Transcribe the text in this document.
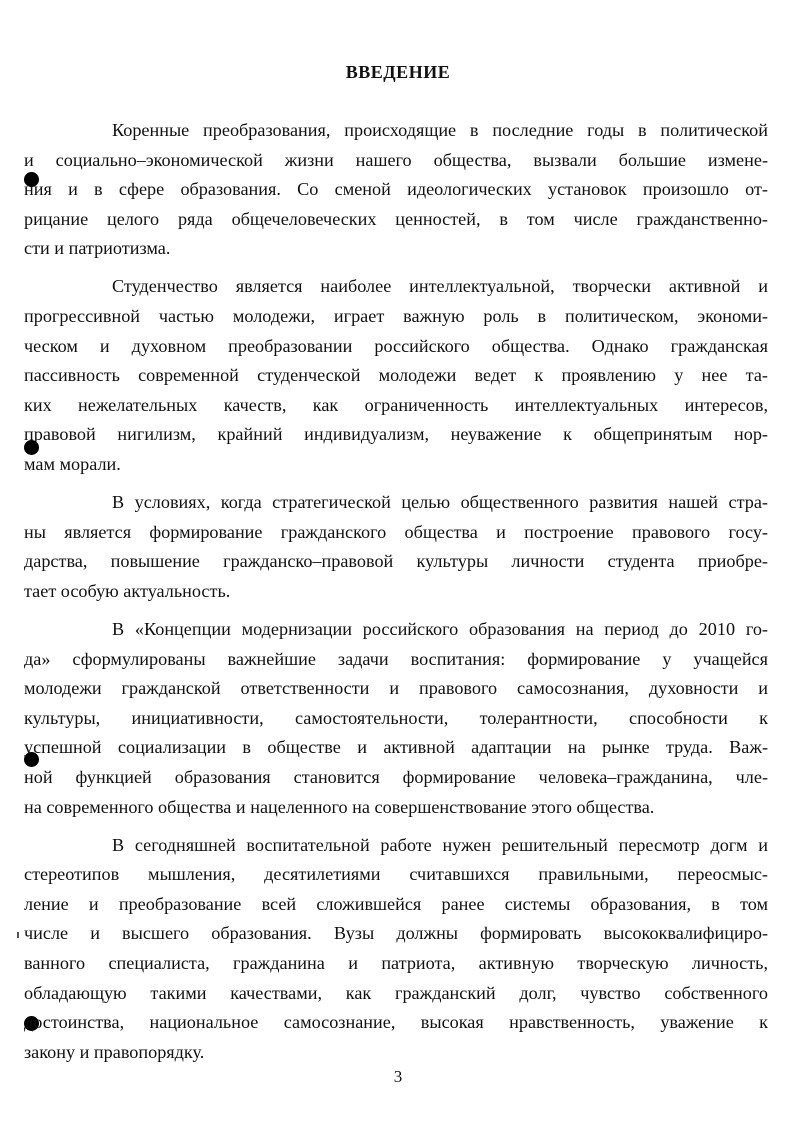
ВВЕДЕНИЕ

Коренные преобразования, происходящие в последние годы в политической
и социально–экономической жизни нашего общества, вызвали большие измене-
ния и в сфере образования. Со сменой идеологических установок произошло от-
рицание целого ряда общечеловеческих ценностей, в том числе гражданственно-
сти и патриотизма.

Студенчество является наиболее интеллектуальной, творчески активной и
прогрессивной частью молодежи, играет важную роль в политическом, экономи-
ческом и духовном преобразовании российского общества. Однако гражданская
пассивность современной студенческой молодежи ведет к проявлению у нее та-
ких нежелательных качеств, как ограниченность интеллектуальных интересов,
правовой нигилизм, крайний индивидуализм, неуважение к общепринятым нор-
мам морали.

В условиях, когда стратегической целью общественного развития нашей стра-
ны является формирование гражданского общества и построение правового госу-
дарства, повышение гражданско–правовой культуры личности студента приобре-
тает особую актуальность.

В «Концепции модернизации российского образования на период до 2010 го-
да» сформулированы важнейшие задачи воспитания: формирование у учащейся
молодежи гражданской ответственности и правового самосознания, духовности и
культуры, инициативности, самостоятельности, толерантности, способности к
успешной социализации в обществе и активной адаптации на рынке труда. Важ-
ной функцией образования становится формирование человека–гражданина, чле-
на современного общества и нацеленного на совершенствование этого общества.

В сегодняшней воспитательной работе нужен решительный пересмотр догм и
стереотипов мышления, десятилетиями считавшихся правильными, переосмыс-
ление и преобразование всей сложившейся ранее системы образования, в том
числе и высшего образования. Вузы должны формировать высококвалифициро-
ванного специалиста, гражданина и патриота, активную творческую личность,
обладающую такими качествами, как гражданский долг, чувство собственного
достоинства, национальное самосознание, высокая нравственность, уважение к
закону и правопорядку.

3
